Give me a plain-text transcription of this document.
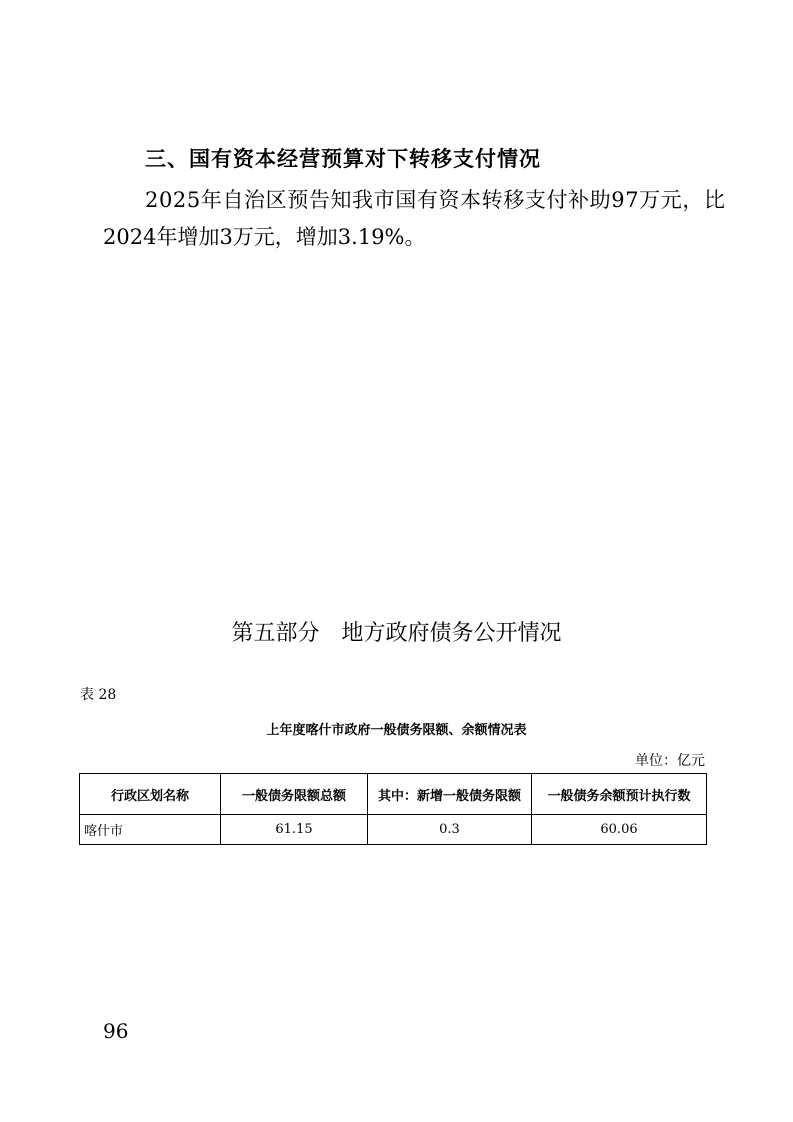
三、国有资本经营预算对下转移支付情况
2025年自治区预告知我市国有资本转移支付补助97万元，比
2024年增加3万元，增加3.19%。
第五部分　地方政府债务公开情况
表 28
上年度喀什市政府一般债务限额、余额情况表
单位：亿元
行政区划名称	一般债务限额总额	其中：新增一般债务限额	一般债务余额预计执行数
喀什市	61.15	0.3	60.06
96
